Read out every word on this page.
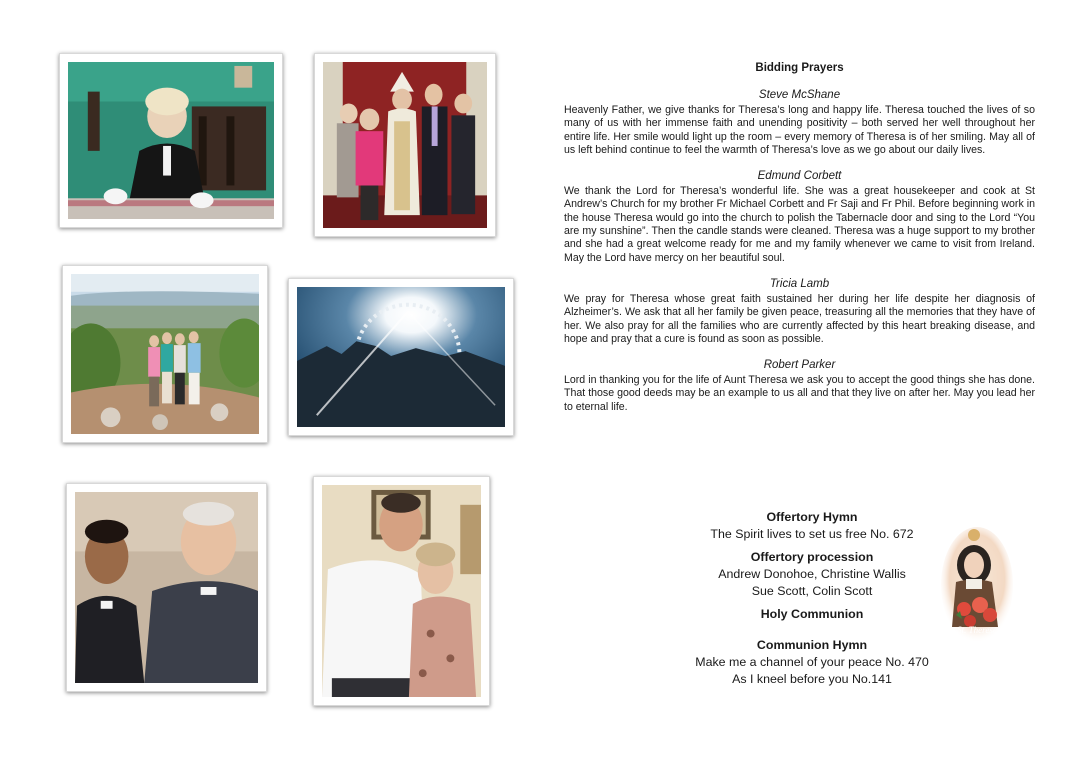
Bidding Prayers
Steve McShane
Heavenly Father, we give thanks for Theresa’s long and happy life. Theresa touched the lives of so many of us with her immense faith and unending positivity – both served her well throughout her entire life. Her smile would light up the room – every memory of Theresa is of her smiling. May all of us left behind continue to feel the warmth of Theresa’s love as we go about our daily lives.
Edmund Corbett
We thank the Lord for Theresa’s wonderful life. She was a great housekeeper and cook at St Andrew’s Church for my brother Fr Michael Corbett and Fr Saji and Fr Phil. Before beginning work in the house Theresa would go into the church to polish the Tabernacle door and sing to the Lord “You are my sunshine”. Then the candle stands were cleaned. Theresa was a huge support to my brother and she had a great welcome ready for me and my family whenever we came to visit from Ireland. May the Lord have mercy on her beautiful soul.
Tricia Lamb
We pray for Theresa whose great faith sustained her during her life despite her diagnosis of Alzheimer’s. We ask that all her family be given peace, treasuring all the memories that they have of her. We also pray for all the families who are currently affected by this heart breaking disease, and hope and pray that a cure is found as soon as possible.
Robert Parker
Lord in thanking you for the life of Aunt Theresa we ask you to accept the good things she has done. That those good deeds may be an example to us all and that they live on after her. May you lead her to eternal life.
Offertory Hymn
The Spirit lives to set us free No. 672
Offertory procession
Andrew Donohoe, Christine Wallis
Sue Scott, Colin Scott
Holy Communion
Communion Hymn
Make me a channel of your peace No. 470
As I kneel before you No.141
St. Therese
